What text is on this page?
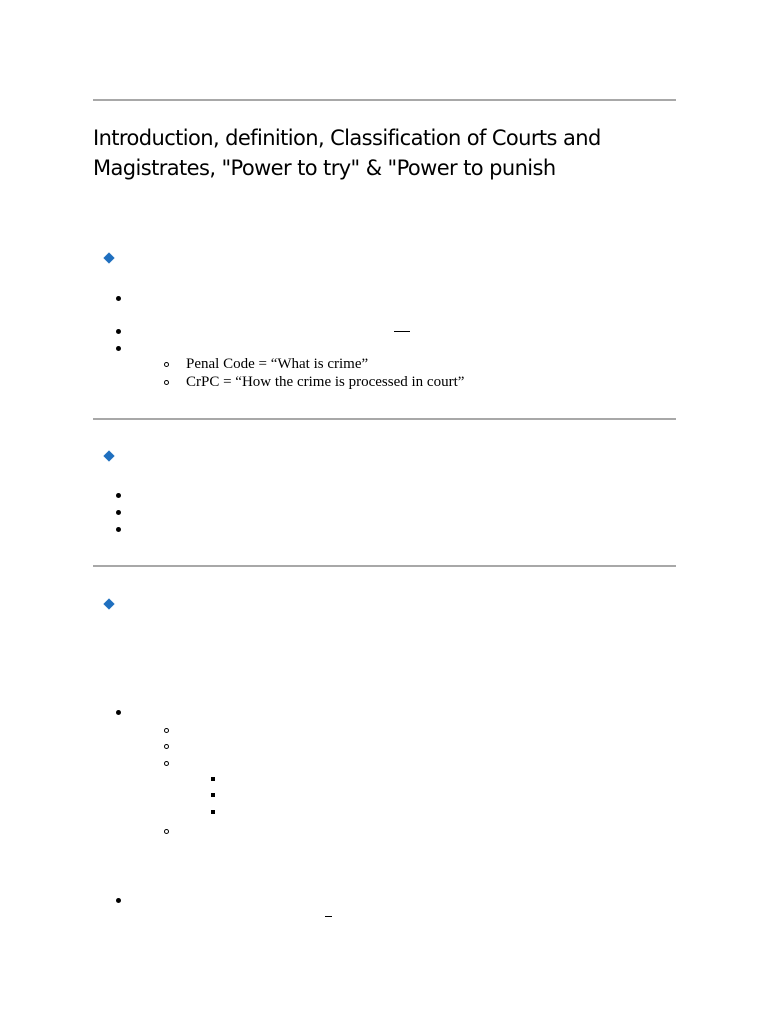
Introduction, definition, Classification of Courts and Magistrates, "Power to try" & "Power to punish
Penal Code = “What is crime”
CrPC = “How the crime is processed in court”
